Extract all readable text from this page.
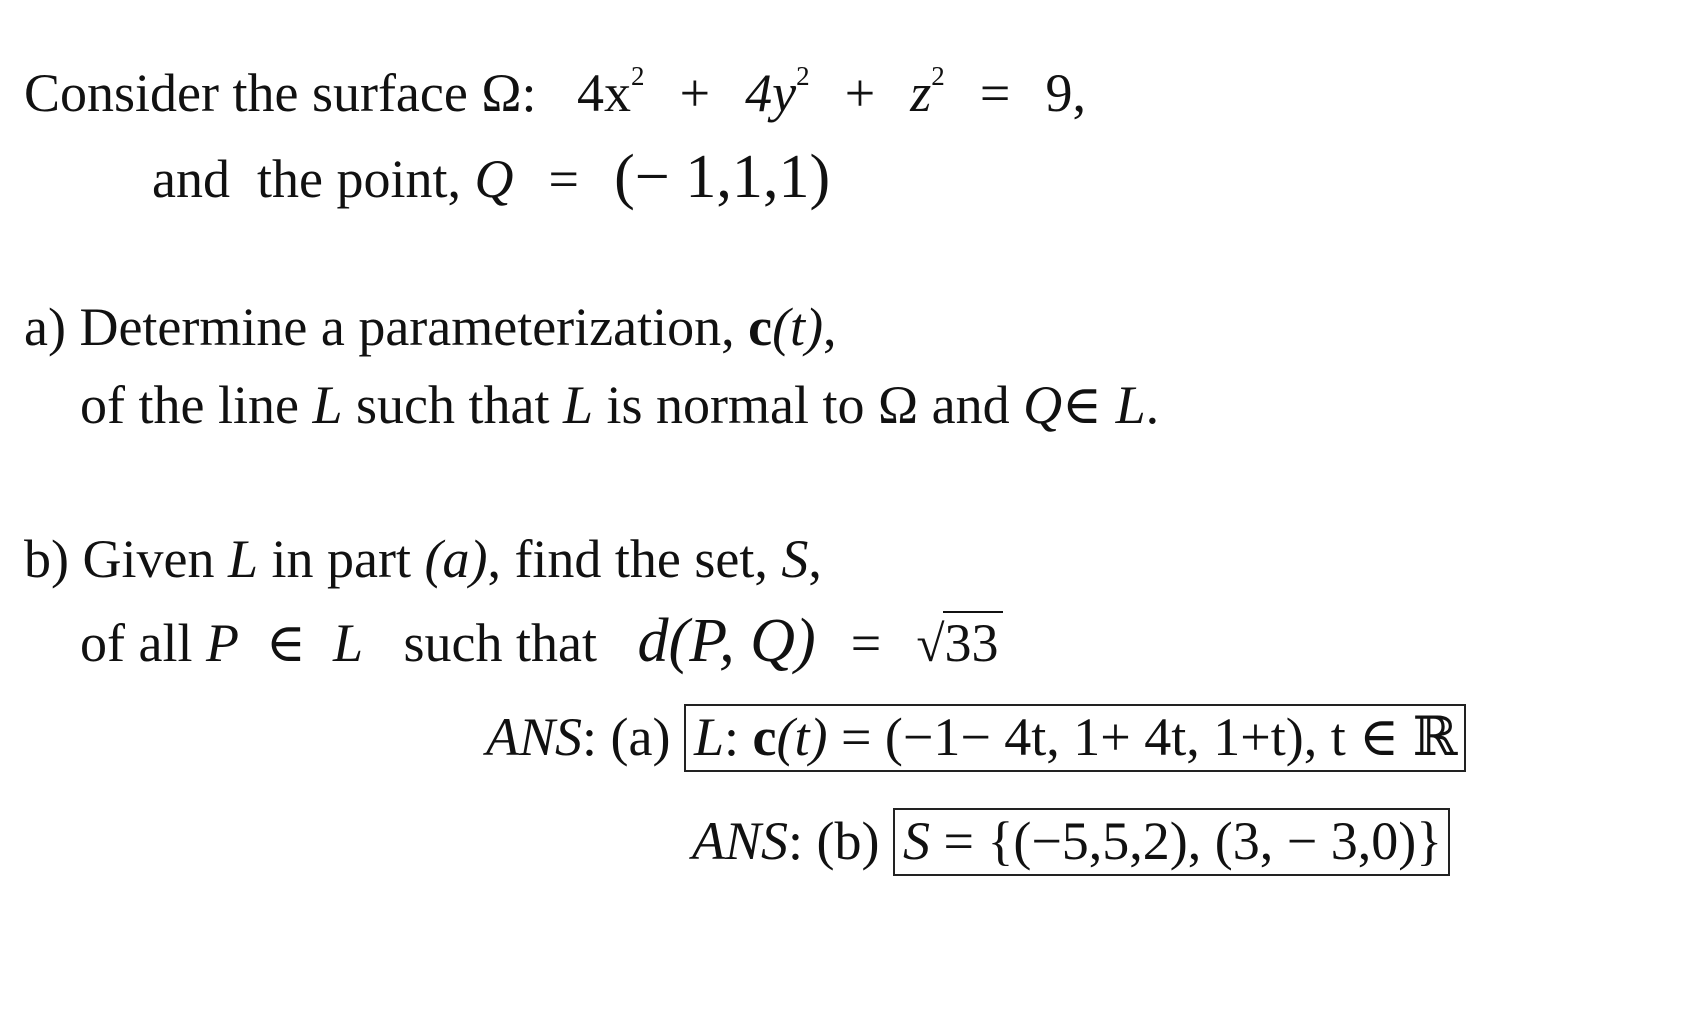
Consider the surface Ω: $4x^2 + 4y^2 + z^2 = 9$,
and  the point, Q = (− 1,1,1)
a) Determine a parameterization, c(t),
of the line L such that L is normal to Ω and Q∈ L.
b) Given L in part (a), find the set, S,
of all P ∈ L such that d(P, Q) = √33
ANS: (a) L: c(t) = (−1− 4t, 1+ 4t, 1+t), t ∈ ℝ
ANS: (b) S = {(−5,5,2), (3, − 3,0)}
